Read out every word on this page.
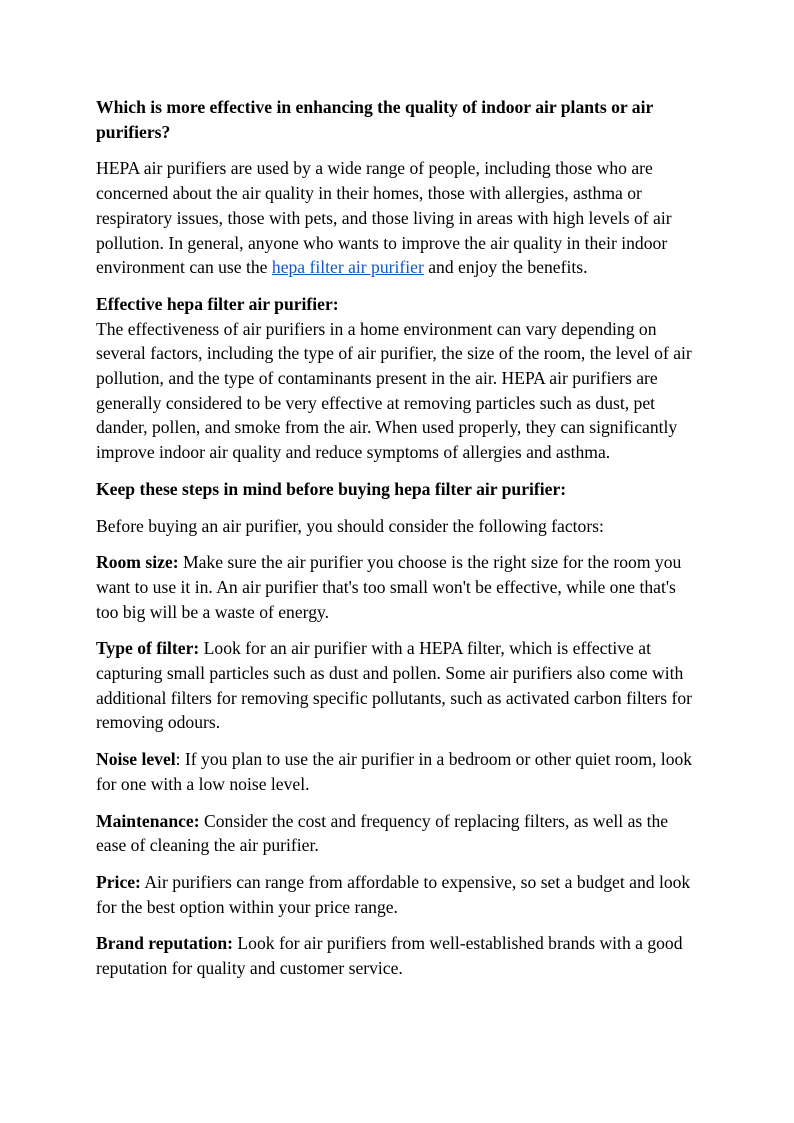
Which is more effective in enhancing the quality of indoor air plants or air purifiers?

HEPA air purifiers are used by a wide range of people, including those who are concerned about the air quality in their homes, those with allergies, asthma or respiratory issues, those with pets, and those living in areas with high levels of air pollution. In general, anyone who wants to improve the air quality in their indoor environment can use the hepa filter air purifier and enjoy the benefits.

Effective hepa filter air purifier:
The effectiveness of air purifiers in a home environment can vary depending on several factors, including the type of air purifier, the size of the room, the level of air pollution, and the type of contaminants present in the air. HEPA air purifiers are generally considered to be very effective at removing particles such as dust, pet dander, pollen, and smoke from the air. When used properly, they can significantly improve indoor air quality and reduce symptoms of allergies and asthma.

Keep these steps in mind before buying hepa filter air purifier:

Before buying an air purifier, you should consider the following factors:

Room size: Make sure the air purifier you choose is the right size for the room you want to use it in. An air purifier that's too small won't be effective, while one that's too big will be a waste of energy.

Type of filter: Look for an air purifier with a HEPA filter, which is effective at capturing small particles such as dust and pollen. Some air purifiers also come with additional filters for removing specific pollutants, such as activated carbon filters for removing odours.

Noise level: If you plan to use the air purifier in a bedroom or other quiet room, look for one with a low noise level.

Maintenance: Consider the cost and frequency of replacing filters, as well as the ease of cleaning the air purifier.

Price: Air purifiers can range from affordable to expensive, so set a budget and look for the best option within your price range.

Brand reputation: Look for air purifiers from well-established brands with a good reputation for quality and customer service.
